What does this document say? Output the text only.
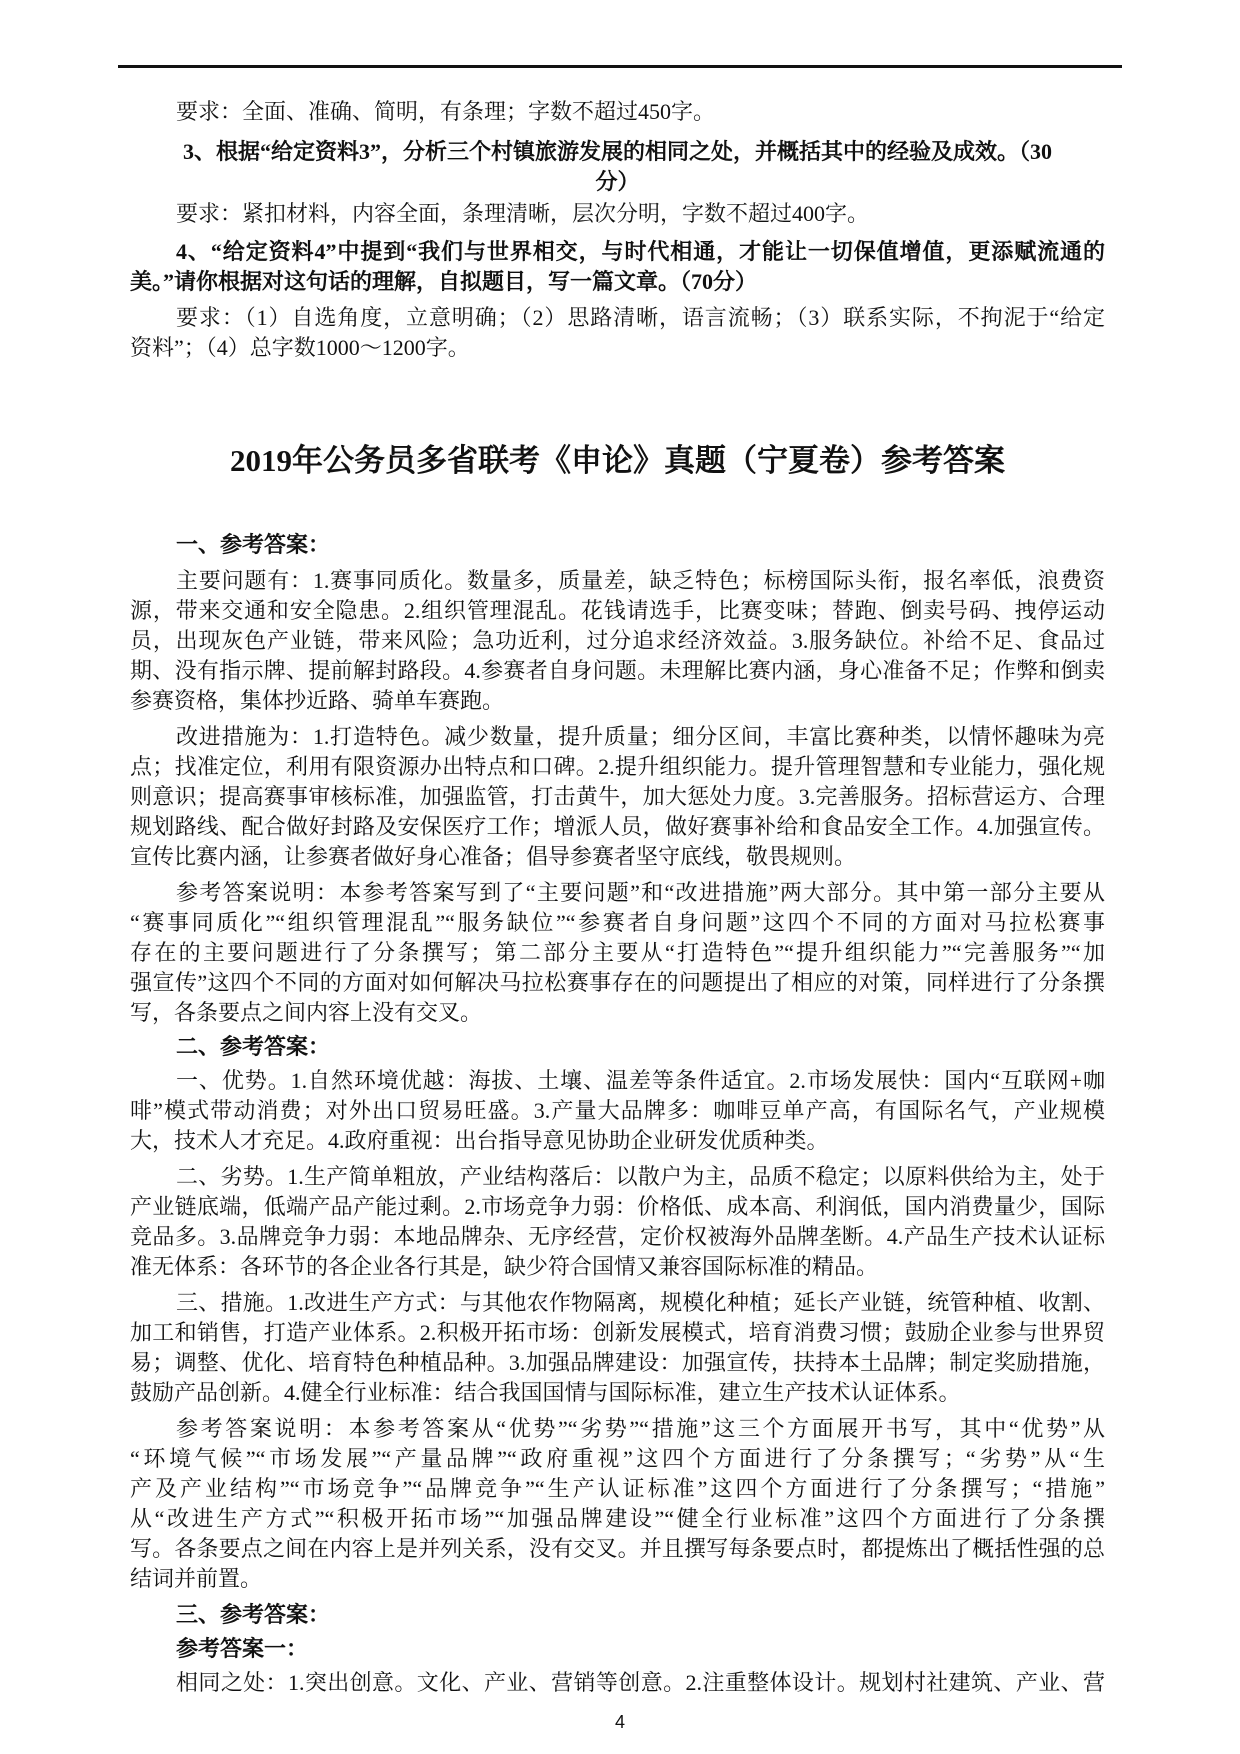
要求：全面、准确、简明，有条理；字数不超过450字。
3、根据“给定资料3”，分析三个村镇旅游发展的相同之处，并概括其中的经验及成效。（30
分）
要求：紧扣材料，内容全面，条理清晰，层次分明，字数不超过400字。
4、“给定资料4”中提到“我们与世界相交，与时代相通，才能让一切保值增值，更添赋流通的
美。”请你根据对这句话的理解，自拟题目，写一篇文章。（70分）
要求：（1）自选角度，立意明确；（2）思路清晰，语言流畅；（3）联系实际，不拘泥于“给定
资料”；（4）总字数1000～1200字。
2019年公务员多省联考《申论》真题（宁夏卷）参考答案
一、参考答案：
主要问题有：1.赛事同质化。数量多，质量差，缺乏特色；标榜国际头衔，报名率低，浪费资
源，带来交通和安全隐患。2.组织管理混乱。花钱请选手，比赛变味；替跑、倒卖号码、拽停运动
员，出现灰色产业链，带来风险；急功近利，过分追求经济效益。3.服务缺位。补给不足、食品过
期、没有指示牌、提前解封路段。4.参赛者自身问题。未理解比赛内涵，身心准备不足；作弊和倒卖
参赛资格，集体抄近路、骑单车赛跑。
改进措施为：1.打造特色。减少数量，提升质量；细分区间，丰富比赛种类，以情怀趣味为亮
点；找准定位，利用有限资源办出特点和口碑。2.提升组织能力。提升管理智慧和专业能力，强化规
则意识；提高赛事审核标准，加强监管，打击黄牛，加大惩处力度。3.完善服务。招标营运方、合理
规划路线、配合做好封路及安保医疗工作；增派人员，做好赛事补给和食品安全工作。4.加强宣传。
宣传比赛内涵，让参赛者做好身心准备；倡导参赛者坚守底线，敬畏规则。
参考答案说明：本参考答案写到了“主要问题”和“改进措施”两大部分。其中第一部分主要从
“赛事同质化”“组织管理混乱”“服务缺位”“参赛者自身问题”这四个不同的方面对马拉松赛事
存在的主要问题进行了分条撰写；第二部分主要从“打造特色”“提升组织能力”“完善服务”“加
强宣传”这四个不同的方面对如何解决马拉松赛事存在的问题提出了相应的对策，同样进行了分条撰
写，各条要点之间内容上没有交叉。
二、参考答案：
一、优势。1.自然环境优越：海拔、土壤、温差等条件适宜。2.市场发展快：国内“互联网+咖
啡”模式带动消费；对外出口贸易旺盛。3.产量大品牌多：咖啡豆单产高，有国际名气，产业规模
大，技术人才充足。4.政府重视：出台指导意见协助企业研发优质种类。
二、劣势。1.生产简单粗放，产业结构落后：以散户为主，品质不稳定；以原料供给为主，处于
产业链底端，低端产品产能过剩。2.市场竞争力弱：价格低、成本高、利润低，国内消费量少，国际
竞品多。3.品牌竞争力弱：本地品牌杂、无序经营，定价权被海外品牌垄断。4.产品生产技术认证标
准无体系：各环节的各企业各行其是，缺少符合国情又兼容国际标准的精品。
三、措施。1.改进生产方式：与其他农作物隔离，规模化种植；延长产业链，统管种植、收割、
加工和销售，打造产业体系。2.积极开拓市场：创新发展模式，培育消费习惯；鼓励企业参与世界贸
易；调整、优化、培育特色种植品种。3.加强品牌建设：加强宣传，扶持本土品牌；制定奖励措施，
鼓励产品创新。4.健全行业标准：结合我国国情与国际标准，建立生产技术认证体系。
参考答案说明：本参考答案从“优势”“劣势”“措施”这三个方面展开书写，其中“优势”从
“环境气候”“市场发展”“产量品牌”“政府重视”这四个方面进行了分条撰写；“劣势”从“生
产及产业结构”“市场竞争”“品牌竞争”“生产认证标准”这四个方面进行了分条撰写；“措施”
从“改进生产方式”“积极开拓市场”“加强品牌建设”“健全行业标准”这四个方面进行了分条撰
写。各条要点之间在内容上是并列关系，没有交叉。并且撰写每条要点时，都提炼出了概括性强的总
结词并前置。
三、参考答案：
参考答案一：
相同之处：1.突出创意。文化、产业、营销等创意。2.注重整体设计。规划村社建筑、产业、营
4
